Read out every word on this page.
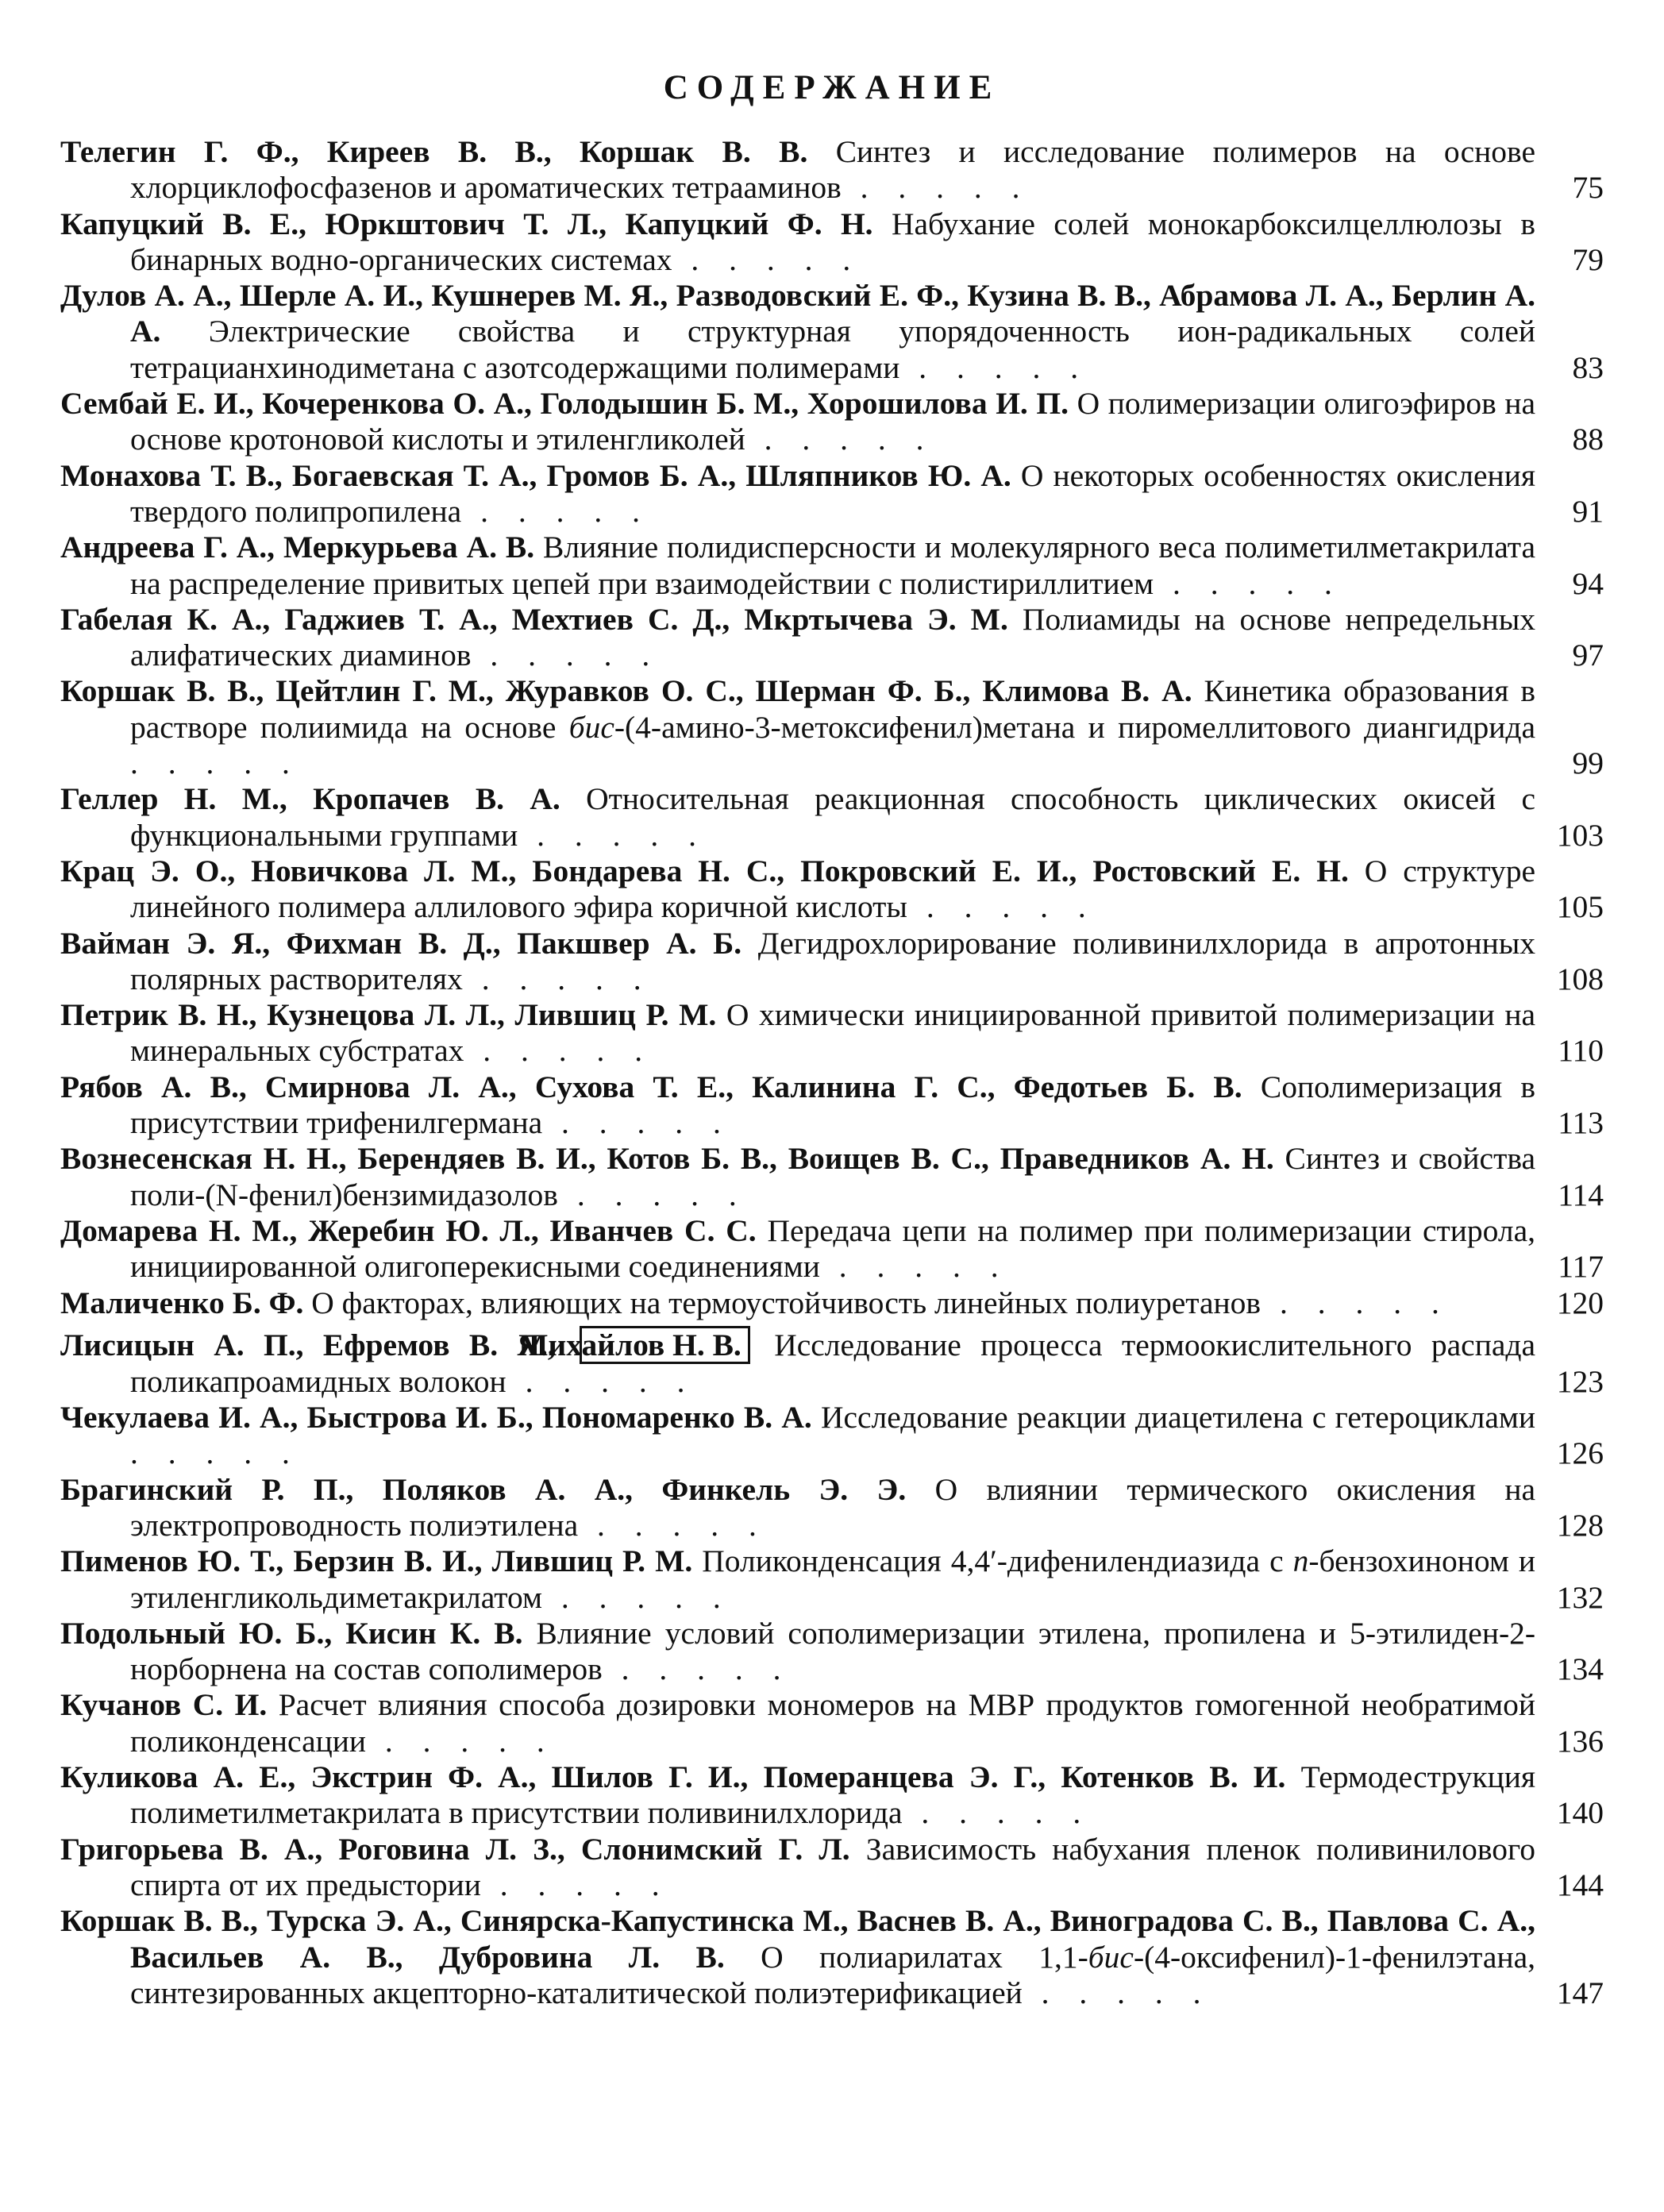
СОДЕРЖАНИЕ
Телегин Г. Ф., Киреев В. В., Коршак В. В. Синтез и исследование полимеров на основе хлорциклофосфазенов и ароматических тетрааминов . . . . .	75
Капуцкий В. Е., Юркштович Т. Л., Капуцкий Ф. Н. Набухание солей монокарбоксилцеллюлозы в бинарных водно-органических системах . . . . .	79
Дулов А. А., Шерле А. И., Кушнерев М. Я., Разводовский Е. Ф., Кузина В. В., Абрамова Л. А., Берлин А. А. Электрические свойства и структурная упорядоченность ион-радикальных солей тетрацианхинодиметана с азотсодержащими полимерами . . . . .	83
Сембай Е. И., Кочеренкова О. А., Голодышин Б. М., Хорошилова И. П. О полимеризации олигоэфиров на основе кротоновой кислоты и этиленгликолей . . . . .	88
Монахова Т. В., Богаевская Т. А., Громов Б. А., Шляпников Ю. А. О некоторых особенностях окисления твердого полипропилена . . . . .	91
Андреева Г. А., Меркурьева А. В. Влияние полидисперсности и молекулярного веса полиметилметакрилата на распределение привитых цепей при взаимодействии с полистириллитием . . . . .	94
Габелая К. А., Гаджиев Т. А., Мехтиев С. Д., Мкртычева Э. М. Полиамиды на основе непредельных алифатических диаминов . . . . .	97
Коршак В. В., Цейтлин Г. М., Журавков О. С., Шерман Ф. Б., Климова В. А. Кинетика образования в растворе полиимида на основе бис-(4-амино-3-метоксифенил)метана и пиромеллитового диангидрида . . . . .	99
Геллер Н. М., Кропачев В. А. Относительная реакционная способность циклических окисей с функциональными группами . . . . .	103
Крац Э. О., Новичкова Л. М., Бондарева Н. С., Покровский Е. И., Ростовский Е. Н. О структуре линейного полимера аллилового эфира коричной кислоты . . . . .	105
Вайман Э. Я., Фихман В. Д., Пакшвер А. Б. Дегидрохлорирование поливинилхлорида в апротонных полярных растворителях . . . . .	108
Петрик В. Н., Кузнецова Л. Л., Лившиц Р. М. О химически инициированной привитой полимеризации на минеральных субстратах . . . . .	110
Рябов А. В., Смирнова Л. А., Сухова Т. Е., Калинина Г. С., Федотьев Б. В. Сополимеризация в присутствии трифенилгермана . . . . .	113
Вознесенская Н. Н., Берендяев В. И., Котов Б. В., Воищев В. С., Праведников А. Н. Синтез и свойства поли-(N-фенил)бензимидазолов . . . . .	114
Домарева Н. М., Жеребин Ю. Л., Иванчев С. С. Передача цепи на полимер при полимеризации стирола, инициированной олигоперекисными соединениями . . . . .	117
Маличенко Б. Ф. О факторах, влияющих на термоустойчивость линейных полиуретанов . . . . .	120
Лисицын А. П., Ефремов В. Я., Михайлов Н. В. Исследование процесса термоокислительного распада поликапроамидных волокон . . . . .	123
Чекулаева И. А., Быстрова И. Б., Пономаренко В. А. Исследование реакции диацетилена с гетероциклами . . . . .	126
Брагинский Р. П., Поляков А. А., Финкель Э. Э. О влиянии термического окисления на электропроводность полиэтилена . . . . .	128
Пименов Ю. Т., Берзин В. И., Лившиц Р. М. Поликонденсация 4,4′-дифенилендиазида с n-бензохиноном и этиленгликольдиметакрилатом . . . . .	132
Подольный Ю. Б., Кисин К. В. Влияние условий сополимеризации этилена, пропилена и 5-этилиден-2-норборнена на состав сополимеров . . . . .	134
Кучанов С. И. Расчет влияния способа дозировки мономеров на МВР продуктов гомогенной необратимой поликонденсации . . . . .	136
Куликова А. Е., Экстрин Ф. А., Шилов Г. И., Померанцева Э. Г., Котенков В. И. Термодеструкция полиметилметакрилата в присутствии поливинилхлорида . . . . .	140
Григорьева В. А., Роговина Л. З., Слонимский Г. Л. Зависимость набухания пленок поливинилового спирта от их предыстории . . . . .	144
Коршак В. В., Турска Э. А., Синярска-Капустинска М., Васнев В. А., Виноградова С. В., Павлова С. А., Васильев А. В., Дубровина Л. В. О полиарилатах 1,1-бис-(4-оксифенил)-1-фенилэтана, синтезированных акцепторно-каталитической полиэтерификацией . . . . .	147
